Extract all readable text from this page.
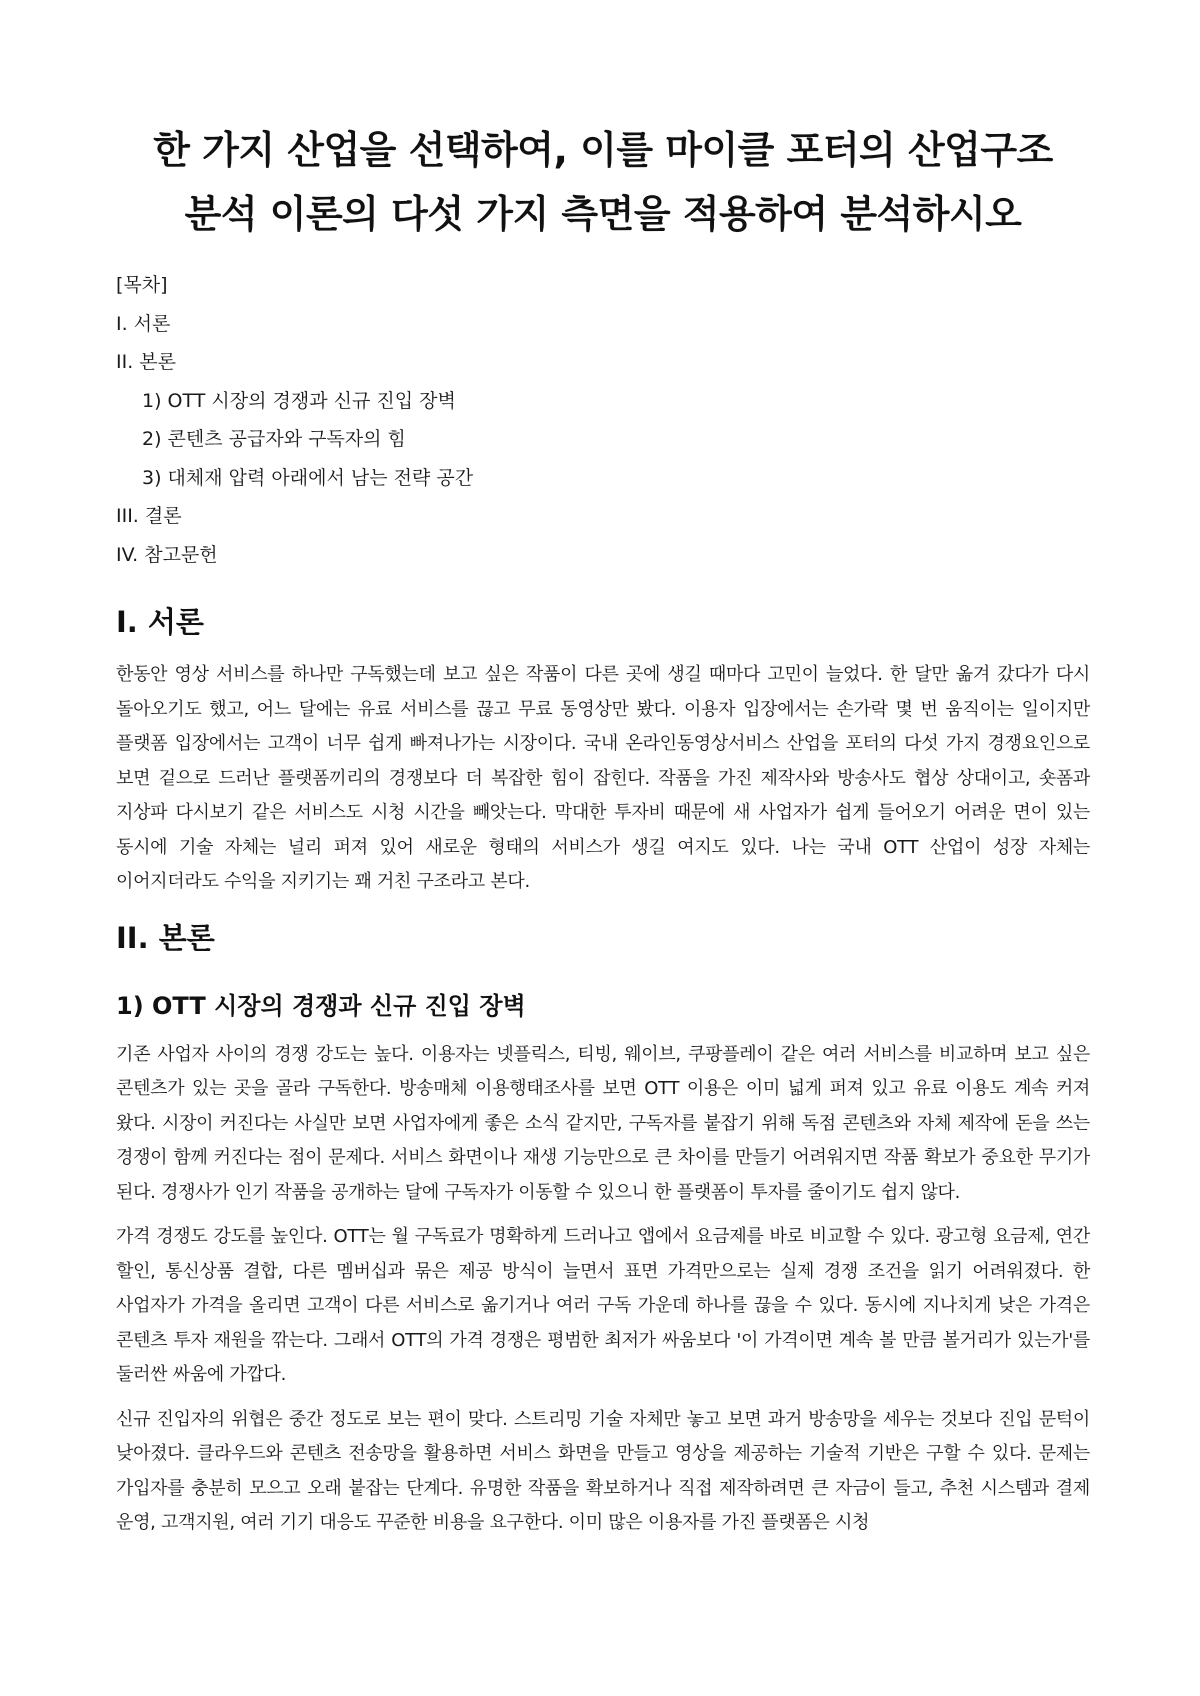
한 가지 산업을 선택하여, 이를 마이클 포터의 산업구조분석 이론의 다섯 가지 측면을 적용하여 분석하시오
[목차]
I. 서론
II. 본론
1) OTT 시장의 경쟁과 신규 진입 장벽
2) 콘텐츠 공급자와 구독자의 힘
3) 대체재 압력 아래에서 남는 전략 공간
III. 결론
IV. 참고문헌
I. 서론

한동안 영상 서비스를 하나만 구독했는데 보고 싶은 작품이 다른 곳에 생길 때마다 고민이 늘었다. 한 달만 옮겨 갔다가 다시 돌아오기도 했고, 어느 달에는 유료 서비스를 끊고 무료 동영상만 봤다. 이용자 입장에서는 손가락 몇 번 움직이는 일이지만 플랫폼 입장에서는 고객이 너무 쉽게 빠져나가는 시장이다. 국내 온라인동영상서비스 산업을 포터의 다섯 가지 경쟁요인으로 보면 겉으로 드러난 플랫폼끼리의 경쟁보다 더 복잡한 힘이 잡힌다. 작품을 가진 제작사와 방송사도 협상 상대이고, 숏폼과 지상파 다시보기 같은 서비스도 시청 시간을 빼앗는다. 막대한 투자비 때문에 새 사업자가 쉽게 들어오기 어려운 면이 있는 동시에 기술 자체는 널리 퍼져 있어 새로운 형태의 서비스가 생길 여지도 있다. 나는 국내 OTT 산업이 성장 자체는 이어지더라도 수익을 지키기는 꽤 거친 구조라고 본다.

II. 본론
1) OTT 시장의 경쟁과 신규 진입 장벽

기존 사업자 사이의 경쟁 강도는 높다. 이용자는 넷플릭스, 티빙, 웨이브, 쿠팡플레이 같은 여러 서비스를 비교하며 보고 싶은 콘텐츠가 있는 곳을 골라 구독한다. 방송매체 이용행태조사를 보면 OTT 이용은 이미 넓게 퍼져 있고 유료 이용도 계속 커져 왔다. 시장이 커진다는 사실만 보면 사업자에게 좋은 소식 같지만, 구독자를 붙잡기 위해 독점 콘텐츠와 자체 제작에 돈을 쓰는 경쟁이 함께 커진다는 점이 문제다. 서비스 화면이나 재생 기능만으로 큰 차이를 만들기 어려워지면 작품 확보가 중요한 무기가 된다. 경쟁사가 인기 작품을 공개하는 달에 구독자가 이동할 수 있으니 한 플랫폼이 투자를 줄이기도 쉽지 않다.

가격 경쟁도 강도를 높인다. OTT는 월 구독료가 명확하게 드러나고 앱에서 요금제를 바로 비교할 수 있다. 광고형 요금제, 연간 할인, 통신상품 결합, 다른 멤버십과 묶은 제공 방식이 늘면서 표면 가격만으로는 실제 경쟁 조건을 읽기 어려워졌다. 한 사업자가 가격을 올리면 고객이 다른 서비스로 옮기거나 여러 구독 가운데 하나를 끊을 수 있다. 동시에 지나치게 낮은 가격은 콘텐츠 투자 재원을 깎는다. 그래서 OTT의 가격 경쟁은 평범한 최저가 싸움보다 '이 가격이면 계속 볼 만큼 볼거리가 있는가'를 둘러싼 싸움에 가깝다.

신규 진입자의 위협은 중간 정도로 보는 편이 맞다. 스트리밍 기술 자체만 놓고 보면 과거 방송망을 세우는 것보다 진입 문턱이 낮아졌다. 클라우드와 콘텐츠 전송망을 활용하면 서비스 화면을 만들고 영상을 제공하는 기술적 기반은 구할 수 있다. 문제는 가입자를 충분히 모으고 오래 붙잡는 단계다. 유명한 작품을 확보하거나 직접 제작하려면 큰 자금이 들고, 추천 시스템과 결제 운영, 고객지원, 여러 기기 대응도 꾸준한 비용을 요구한다. 이미 많은 이용자를 가진 플랫폼은 시청
